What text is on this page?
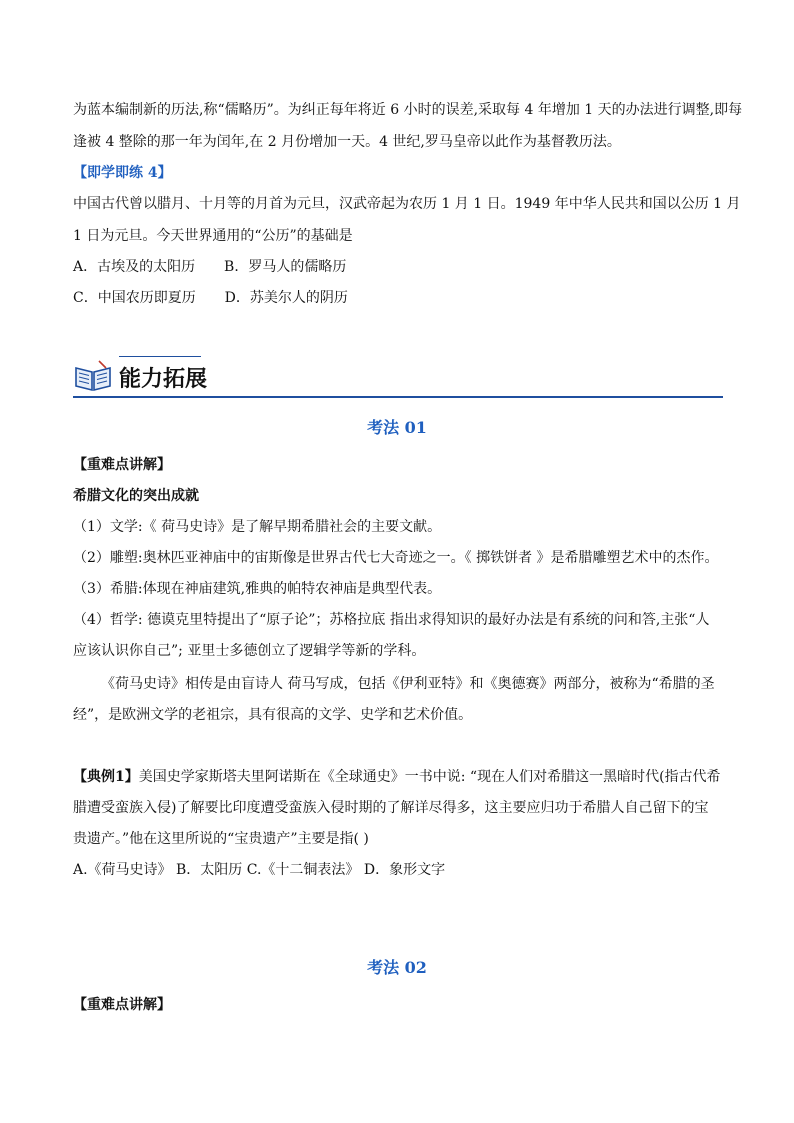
为蓝本编制新的历法,称“儒略历”。为纠正每年将近 6 小时的误差,采取每 4 年增加 1 天的办法进行调整,即每
逢被 4 整除的那一年为闰年,在 2 月份增加一天。4 世纪,罗马皇帝以此作为基督教历法。
【即学即练 4】
中国古代曾以腊月、十月等的月首为元旦，汉武帝起为农历 1 月 1 日。1949 年中华人民共和国以公历 1 月
1 日为元旦。今天世界通用的“公历”的基础是
A．古埃及的太阳历 B．罗马人的儒略历
C．中国农历即夏历 D．苏美尔人的阴历
能力拓展
考法 01
【重难点讲解】
希腊文化的突出成就
（1）文学:《 荷马史诗》是了解早期希腊社会的主要文献。
（2）雕塑:奥林匹亚神庙中的宙斯像是世界古代七大奇迹之一。《 掷铁饼者 》是希腊雕塑艺术中的杰作。
（3）希腊:体现在神庙建筑,雅典的帕特农神庙是典型代表。
（4）哲学: 德谟克里特提出了“原子论”；苏格拉底 指出求得知识的最好办法是有系统的问和答,主张“人
应该认识你自己”; 亚里士多德创立了逻辑学等新的学科。
《荷马史诗》相传是由盲诗人 荷马写成，包括《伊利亚特》和《奥德赛》两部分，被称为“希腊的圣
经”，是欧洲文学的老祖宗，具有很高的文学、史学和艺术价值。
【典例1】美国史学家斯塔夫里阿诺斯在《全球通史》一书中说: “现在人们对希腊这一黑暗时代(指古代希
腊遭受蛮族入侵)了解要比印度遭受蛮族入侵时期的了解详尽得多，这主要应归功于希腊人自己留下的宝
贵遗产。”他在这里所说的“宝贵遗产”主要是指( )
A.《荷马史诗》 B．太阳历 C.《十二铜表法》 D．象形文字
考法 02
【重难点讲解】
